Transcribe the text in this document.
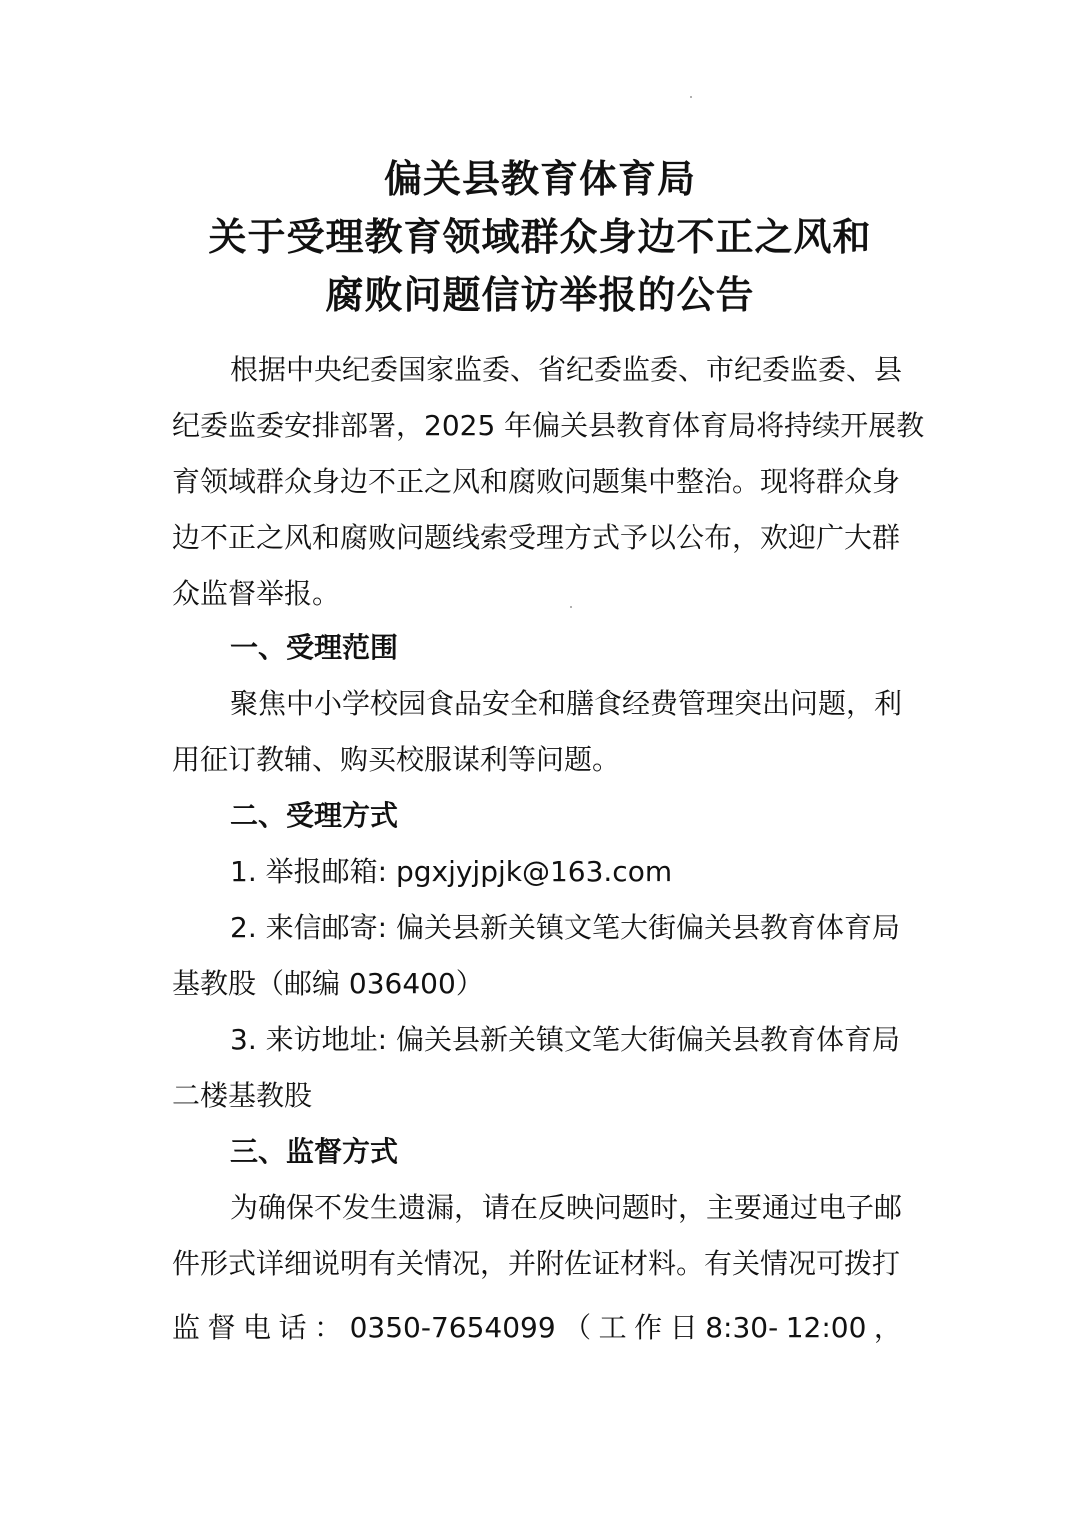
偏关县教育体育局
关于受理教育领域群众身边不正之风和
腐败问题信访举报的公告
根据中央纪委国家监委、省纪委监委、市纪委监委、县
纪委监委安排部署，2025 年偏关县教育体育局将持续开展教
育领域群众身边不正之风和腐败问题集中整治。现将群众身
边不正之风和腐败问题线索受理方式予以公布，欢迎广大群
众监督举报。
一、受理范围
聚焦中小学校园食品安全和膳食经费管理突出问题，利
用征订教辅、购买校服谋利等问题。
二、受理方式
1. 举报邮箱: pgxjyjpjk@163.com
2. 来信邮寄: 偏关县新关镇文笔大街偏关县教育体育局
基教股（邮编 036400）
3. 来访地址: 偏关县新关镇文笔大街偏关县教育体育局
二楼基教股
三、监督方式
为确保不发生遗漏，请在反映问题时，主要通过电子邮
件形式详细说明有关情况，并附佐证材料。有关情况可拨打
监 督 电 话 ： 0350-7654099 （ 工 作 日 8:30- 12:00 ，
